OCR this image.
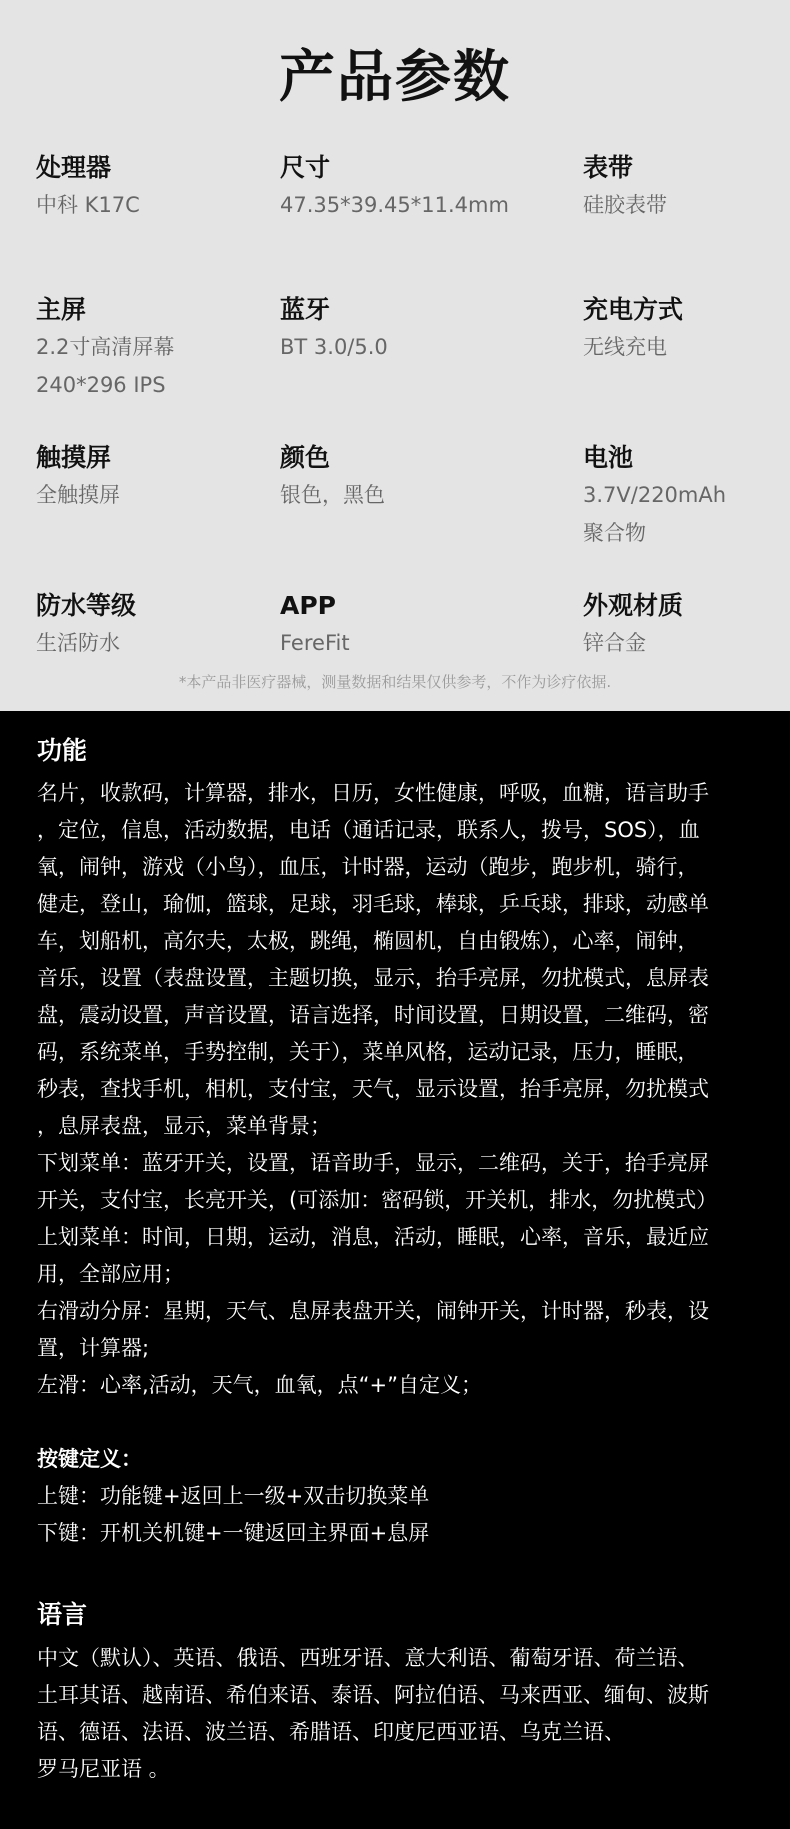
产品参数
处理器
中科 K17C
尺寸
47.35*39.45*11.4mm
表带
硅胶表带
主屏
2.2寸高清屏幕
240*296 IPS
蓝牙
BT 3.0/5.0
充电方式
无线充电
触摸屏
全触摸屏
颜色
银色，黑色
电池
3.7V/220mAh
聚合物
防水等级
生活防水
APP
FereFit
外观材质
锌合金
*本产品非医疗器械，测量数据和结果仅供参考，不作为诊疗依据.
功能

名片，收款码，计算器，排水，日历，女性健康，呼吸，血糖，语言助手

，定位，信息，活动数据，电话（通话记录，联系人，拨号，SOS），血

氧，闹钟，游戏（小鸟），血压，计时器，运动（跑步，跑步机，骑行，

健走，登山，瑜伽，篮球，足球，羽毛球，棒球，乒乓球，排球，动感单

车，划船机，高尔夫，太极，跳绳，椭圆机，自由锻炼），心率，闹钟，

音乐，设置（表盘设置，主题切换，显示，抬手亮屏，勿扰模式，息屏表

盘，震动设置，声音设置，语言选择，时间设置，日期设置，二维码，密

码，系统菜单，手势控制，关于），菜单风格，运动记录，压力，睡眠，

秒表，查找手机，相机，支付宝，天气，显示设置，抬手亮屏，勿扰模式

，息屏表盘，显示，菜单背景；

下划菜单：蓝牙开关，设置，语音助手，显示，二维码，关于，抬手亮屏

开关，支付宝，长亮开关，(可添加：密码锁，开关机，排水，勿扰模式）

上划菜单：时间，日期，运动，消息，活动，睡眠，心率，音乐，最近应

用，全部应用；

右滑动分屏：星期，天气、息屏表盘开关，闹钟开关，计时器，秒表，设

置，计算器;

左滑：心率,活动，天气，血氧，点“+”自定义；

按键定义：

上键：功能键+返回上一级+双击切换菜单

下键：开机关机键+一键返回主界面+息屏

语言

中文（默认）、英语、俄语、西班牙语、意大利语、葡萄牙语、荷兰语、

土耳其语、越南语、希伯来语、泰语、阿拉伯语、马来西亚、缅甸、波斯

语、德语、法语、波兰语、希腊语、印度尼西亚语、乌克兰语、

罗马尼亚语 。
